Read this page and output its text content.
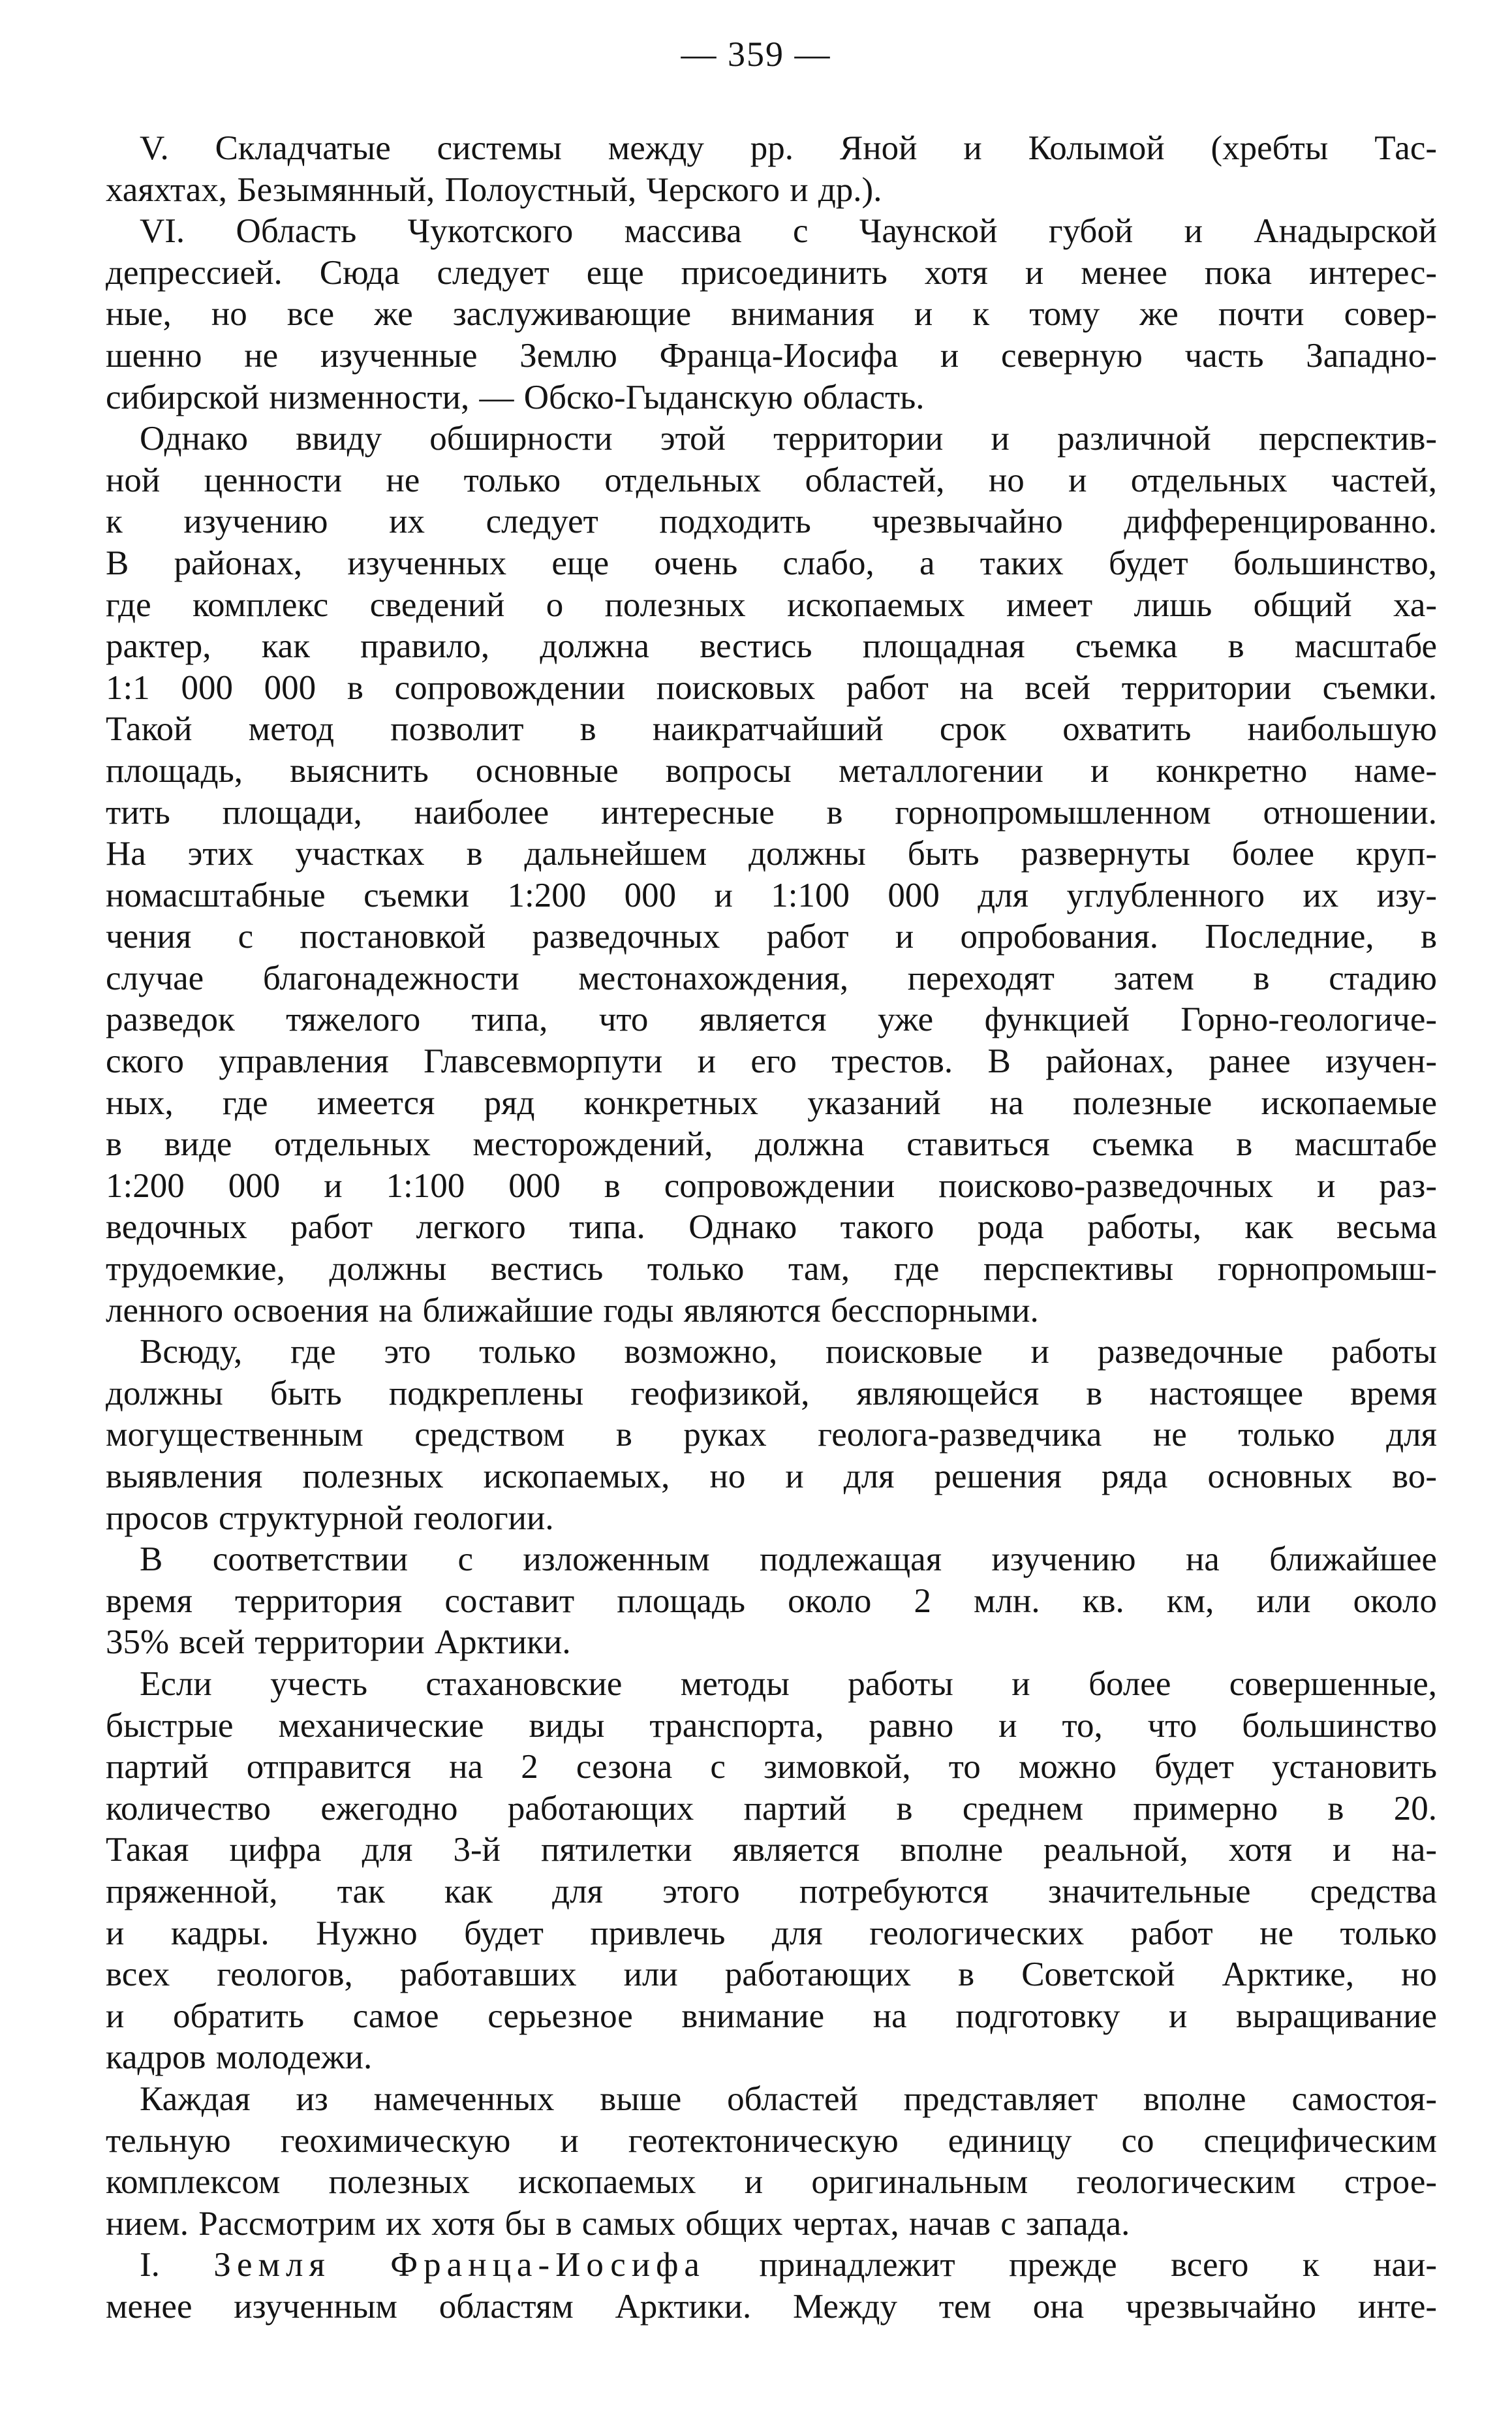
— 359 —
V. Складчатые системы между рр. Яной и Колымой (хребты Тас-
хаяхтах, Безымянный, Полоустный, Черского и др.).
VI. Область Чукотского массива с Чаунской губой и Анадырской
депрессией. Сюда следует еще присоединить хотя и менее пока интерес-
ные, но все же заслуживающие внимания и к тому же почти совер-
шенно не изученные Землю Франца-Иосифа и северную часть Западно-
сибирской низменности, — Обско-Гыданскую область.
Однако ввиду обширности этой территории и различной перспектив-
ной ценности не только отдельных областей, но и отдельных частей,
к изучению их следует подходить чрезвычайно дифференцированно.
В районах, изученных еще очень слабо, а таких будет большинство,
где комплекс сведений о полезных ископаемых имеет лишь общий ха-
рактер, как правило, должна вестись площадная съемка в масштабе
1:1 000 000 в сопровождении поисковых работ на всей территории съемки.
Такой метод позволит в наикратчайший срок охватить наибольшую
площадь, выяснить основные вопросы металлогении и конкретно наме-
тить площади, наиболее интересные в горнопромышленном отношении.
На этих участках в дальнейшем должны быть развернуты более круп-
номасштабные съемки 1:200 000 и 1:100 000 для углубленного их изу-
чения с постановкой разведочных работ и опробования. Последние, в
случае благонадежности местонахождения, переходят затем в стадию
разведок тяжелого типа, что является уже функцией Горно-геологиче-
ского управления Главсевморпути и его трестов. В районах, ранее изучен-
ных, где имеется ряд конкретных указаний на полезные ископаемые
в виде отдельных месторождений, должна ставиться съемка в масштабе
1:200 000 и 1:100 000 в сопровождении поисково-разведочных и раз-
ведочных работ легкого типа. Однако такого рода работы, как весьма
трудоемкие, должны вестись только там, где перспективы горнопромыш-
ленного освоения на ближайшие годы являются бесспорными.
Всюду, где это только возможно, поисковые и разведочные работы
должны быть подкреплены геофизикой, являющейся в настоящее время
могущественным средством в руках геолога-разведчика не только для
выявления полезных ископаемых, но и для решения ряда основных во-
просов структурной геологии.
В соответствии с изложенным подлежащая изучению на ближайшее
время территория составит площадь около 2 млн. кв. км, или около
35% всей территории Арктики.
Если учесть стахановские методы работы и более совершенные,
быстрые механические виды транспорта, равно и то, что большинство
партий отправится на 2 сезона с зимовкой, то можно будет установить
количество ежегодно работающих партий в среднем примерно в 20.
Такая цифра для 3-й пятилетки является вполне реальной, хотя и на-
пряженной, так как для этого потребуются значительные средства
и кадры. Нужно будет привлечь для геологических работ не только
всех геологов, работавших или работающих в Советской Арктике, но
и обратить самое серьезное внимание на подготовку и выращивание
кадров молодежи.
Каждая из намеченных выше областей представляет вполне самостоя-
тельную геохимическую и геотектоническую единицу со специфическим
комплексом полезных ископаемых и оригинальным геологическим строе-
нием. Рассмотрим их хотя бы в самых общих чертах, начав с запада.
I. Земля Франца-Иосифа принадлежит прежде всего к наи-
менее изученным областям Арктики. Между тем она чрезвычайно инте-
